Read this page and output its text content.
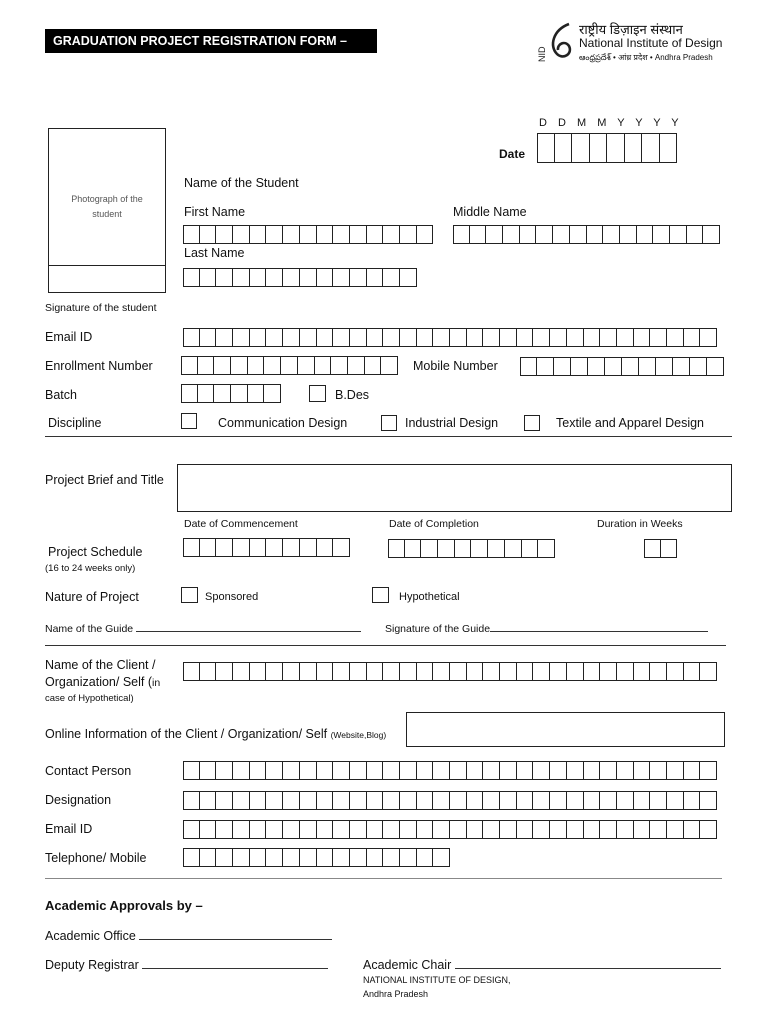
GRADUATION PROJECT REGISTRATION FORM – 2022
NID
राष्ट्रीय डिज़ाइन संस्थान
National Institute of Design
ఆంధ్రప్రదేశ్ • आंध्र प्रदेश • Andhra Pradesh
D D M M Y Y Y Y
Date
Photograph of the student
Signature of the student
Name of the Student
First Name	Middle Name
Last Name
Email ID
Enrollment Number	Mobile Number
Batch	B.Des
Discipline	Communication Design	Industrial Design	Textile and Apparel Design
Project Brief and Title
Date of Commencement	Date of Completion	Duration in Weeks
Project Schedule
(16 to 24 weeks only)
Nature of Project	Sponsored	Hypothetical
Name of the Guide	Signature of the Guide
Name of the Client /
Organization/ Self (in
case of Hypothetical)
Online Information of the Client / Organization/ Self (Website,Blog)
Contact Person
Designation
Email ID
Telephone/ Mobile
Academic Approvals by –
Academic Office
Deputy Registrar	Academic Chair
NATIONAL INSTITUTE OF DESIGN,
Andhra Pradesh
